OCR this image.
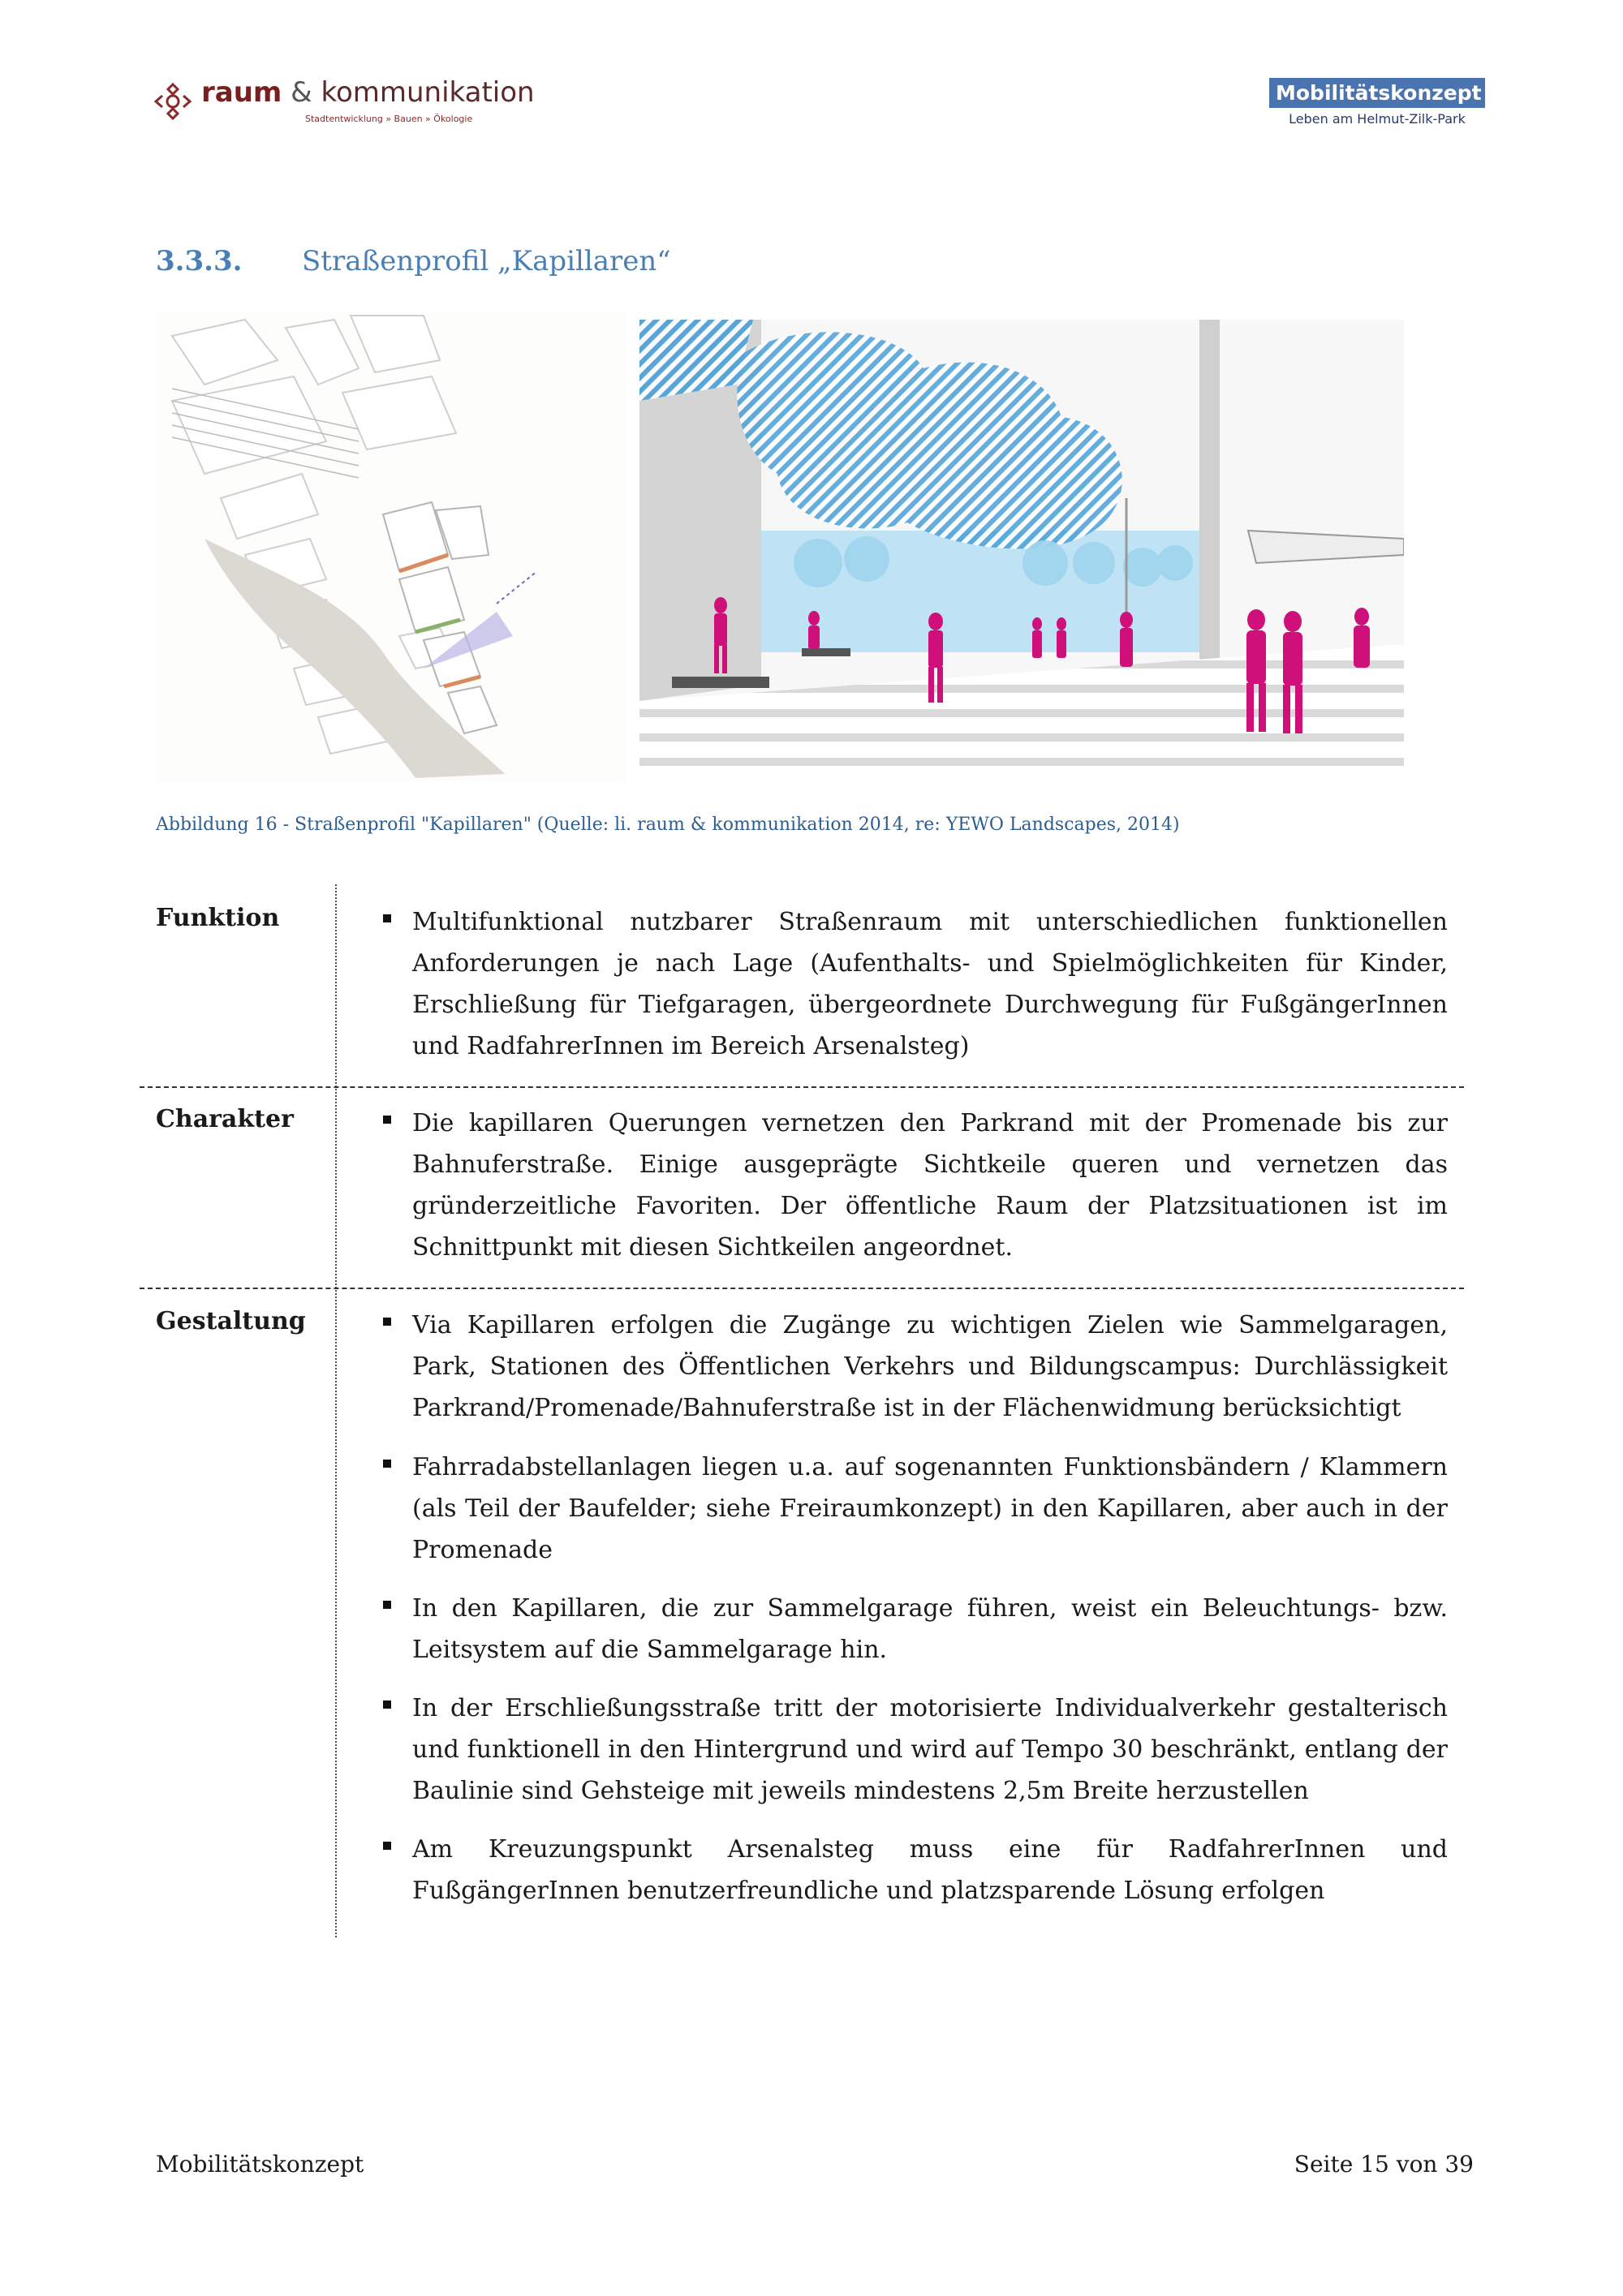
raum & kommunikation
Stadtentwicklung » Bauen » Ökologie
Mobilitätskonzept
Leben am Helmut-Zilk-Park
3.3.3. Straßenprofil „Kapillaren“
Abbildung 16 - Straßenprofil "Kapillaren" (Quelle: li. raum & kommunikation 2014, re: YEWO Landscapes, 2014)
Funktion	Multifunktional nutzbarer Straßenraum mit unterschiedlichen funktionellen Anforderungen je nach Lage (Aufenthalts- und Spielmöglichkeiten für Kinder, Erschließung für Tiefgaragen, übergeordnete Durchwegung für FußgängerInnen und RadfahrerInnen im Bereich Arsenalsteg)

Charakter	Die kapillaren Querungen vernetzen den Parkrand mit der Promenade bis zur Bahnuferstraße. Einige ausgeprägte Sichtkeile queren und vernetzen das gründerzeitliche Favoriten. Der öffentliche Raum der Platzsituationen ist im Schnittpunkt mit diesen Sichtkeilen angeordnet.

Gestaltung	Via Kapillaren erfolgen die Zugänge zu wichtigen Zielen wie Sammelgaragen, Park, Stationen des Öffentlichen Verkehrs und Bildungscampus: Durchlässigkeit Parkrand/Promenade/Bahnuferstraße ist in der Flächenwidmung berücksichtigt

Fahrradabstellanlagen liegen u.a. auf sogenannten Funktionsbändern / Klammern (als Teil der Baufelder; siehe Freiraumkonzept) in den Kapillaren, aber auch in der Promenade

In den Kapillaren, die zur Sammelgarage führen, weist ein Beleuchtungs- bzw. Leitsystem auf die Sammelgarage hin.

In der Erschließungsstraße tritt der motorisierte Individualverkehr gestalterisch und funktionell in den Hintergrund und wird auf Tempo 30 beschränkt, entlang der Baulinie sind Gehsteige mit jeweils mindestens 2,5m Breite herzustellen

Am Kreuzungspunkt Arsenalsteg muss eine für RadfahrerInnen und FußgängerInnen benutzerfreundliche und platzsparende Lösung erfolgen

Mobilitätskonzept	Seite 15 von 39
